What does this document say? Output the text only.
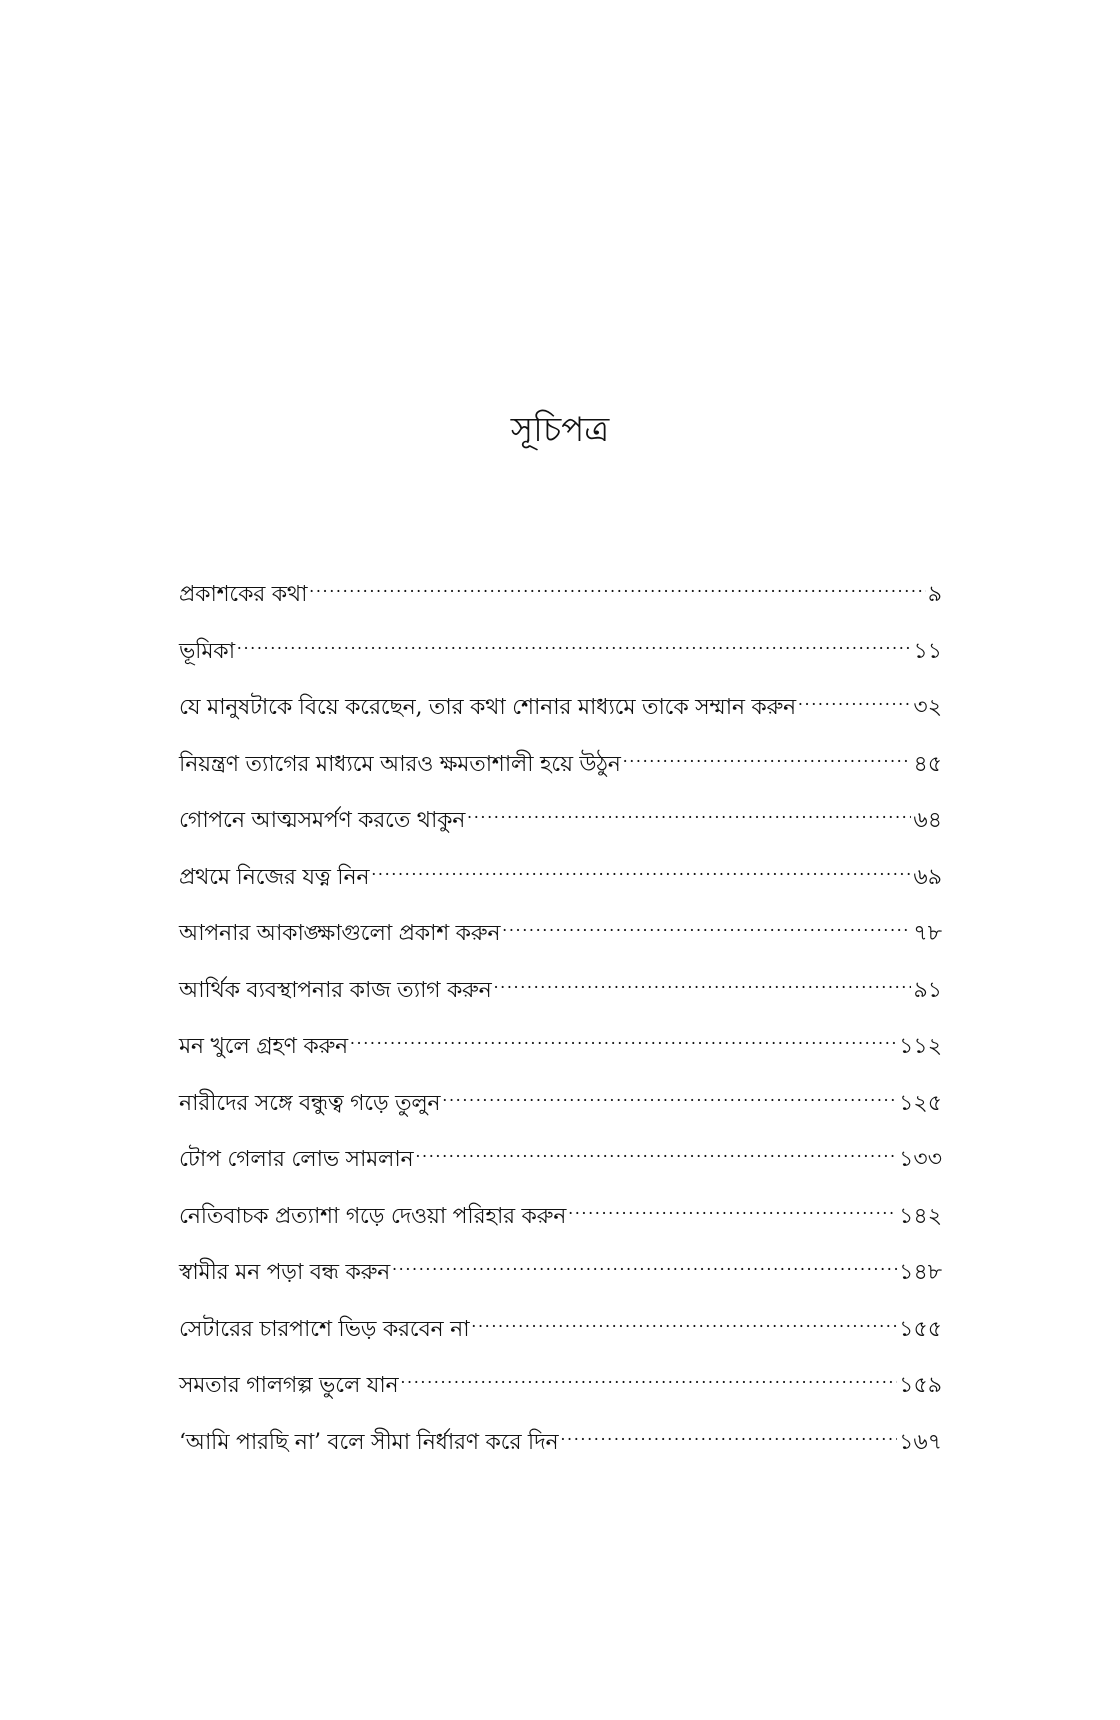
সূচিপত্র
প্রকাশকের কথা .....	৯
ভূমিকা .....	১১
যে মানুষটাকে বিয়ে করেছেন, তার কথা শোনার মাধ্যমে তাকে সম্মান করুন .....	৩২
নিয়ন্ত্রণ ত্যাগের মাধ্যমে আরও ক্ষমতাশালী হয়ে উঠুন .....	৪৫
গোপনে আত্মসমর্পণ করতে থাকুন .....	৬৪
প্রথমে নিজের যত্ন নিন .....	৬৯
আপনার আকাঙ্ক্ষাগুলো প্রকাশ করুন .....	৭৮
আর্থিক ব্যবস্থাপনার কাজ ত্যাগ করুন .....	৯১
মন খুলে গ্রহণ করুন .....	১১২
নারীদের সঙ্গে বন্ধুত্ব গড়ে তুলুন .....	১২৫
টোপ গেলার লোভ সামলান .....	১৩৩
নেতিবাচক প্রত্যাশা গড়ে দেওয়া পরিহার করুন .....	১৪২
স্বামীর মন পড়া বন্ধ করুন .....	১৪৮
সেটারের চারপাশে ভিড় করবেন না .....	১৫৫
সমতার গালগল্প ভুলে যান .....	১৫৯
‘আমি পারছি না’ বলে সীমা নির্ধারণ করে দিন .....	১৬৭
